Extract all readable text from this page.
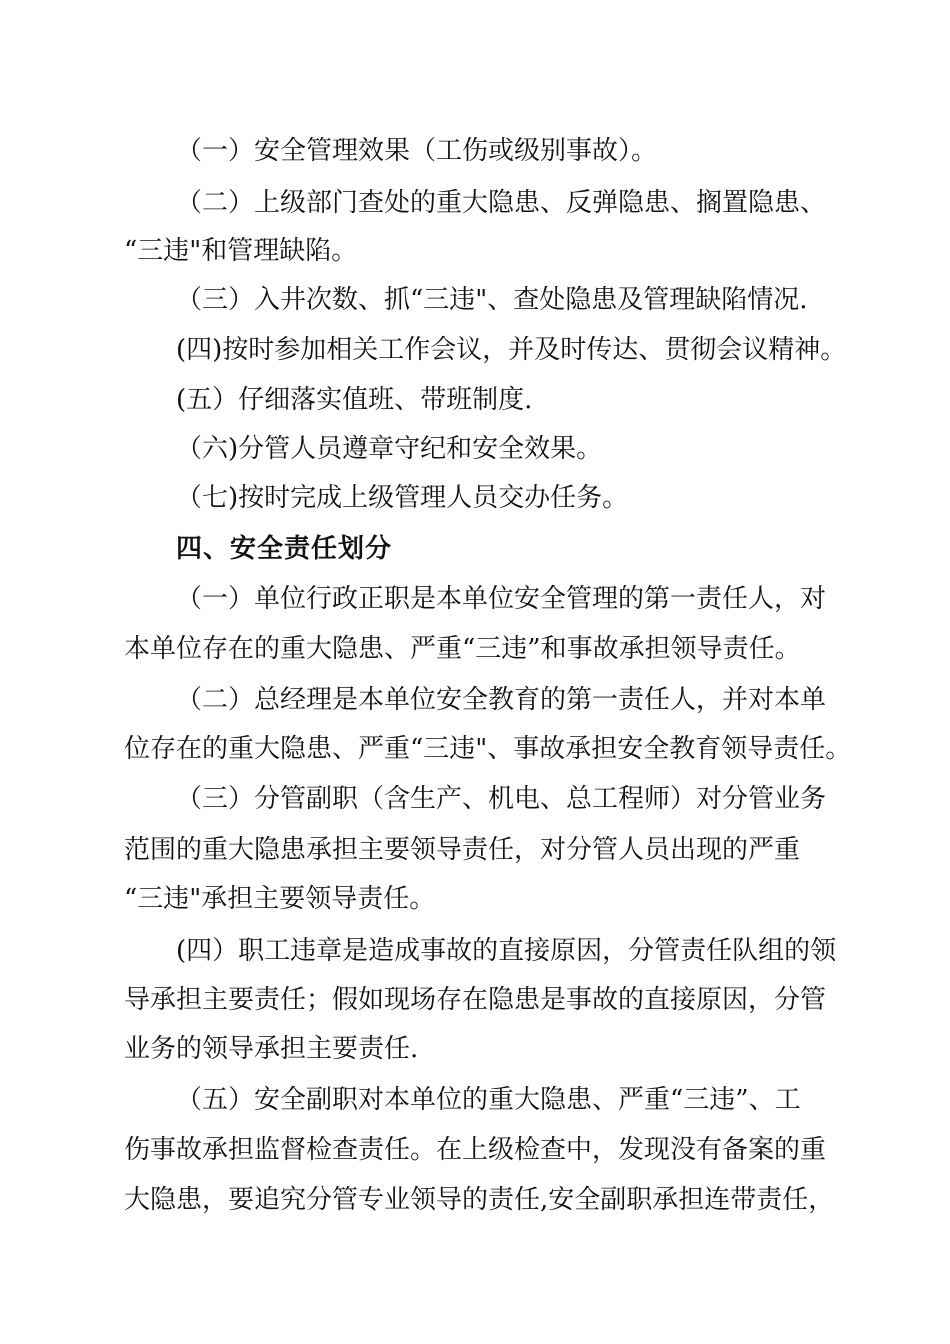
（一）安全管理效果（工伤或级别事故）。
（二）上级部门查处的重大隐患、反弹隐患、搁置隐患、
“三违"和管理缺陷。
（三）入井次数、抓“三违"、查处隐患及管理缺陷情况.
(四)按时参加相关工作会议，并及时传达、贯彻会议精神。
(五）仔细落实值班、带班制度.
（六)分管人员遵章守纪和安全效果。
（七)按时完成上级管理人员交办任务。
四、安全责任划分
（一）单位行政正职是本单位安全管理的第一责任人，对
本单位存在的重大隐患、严重“三违”和事故承担领导责任。
（二）总经理是本单位安全教育的第一责任人，并对本单
位存在的重大隐患、严重“三违"、事故承担安全教育领导责任。
（三）分管副职（含生产、机电、总工程师）对分管业务
范围的重大隐患承担主要领导责任，对分管人员出现的严重
“三违"承担主要领导责任。
(四）职工违章是造成事故的直接原因，分管责任队组的领
导承担主要责任；假如现场存在隐患是事故的直接原因，分管
业务的领导承担主要责任.
（五）安全副职对本单位的重大隐患、严重“三违”、工
伤事故承担监督检查责任。在上级检查中，发现没有备案的重
大隐患，要追究分管专业领导的责任,安全副职承担连带责任，
